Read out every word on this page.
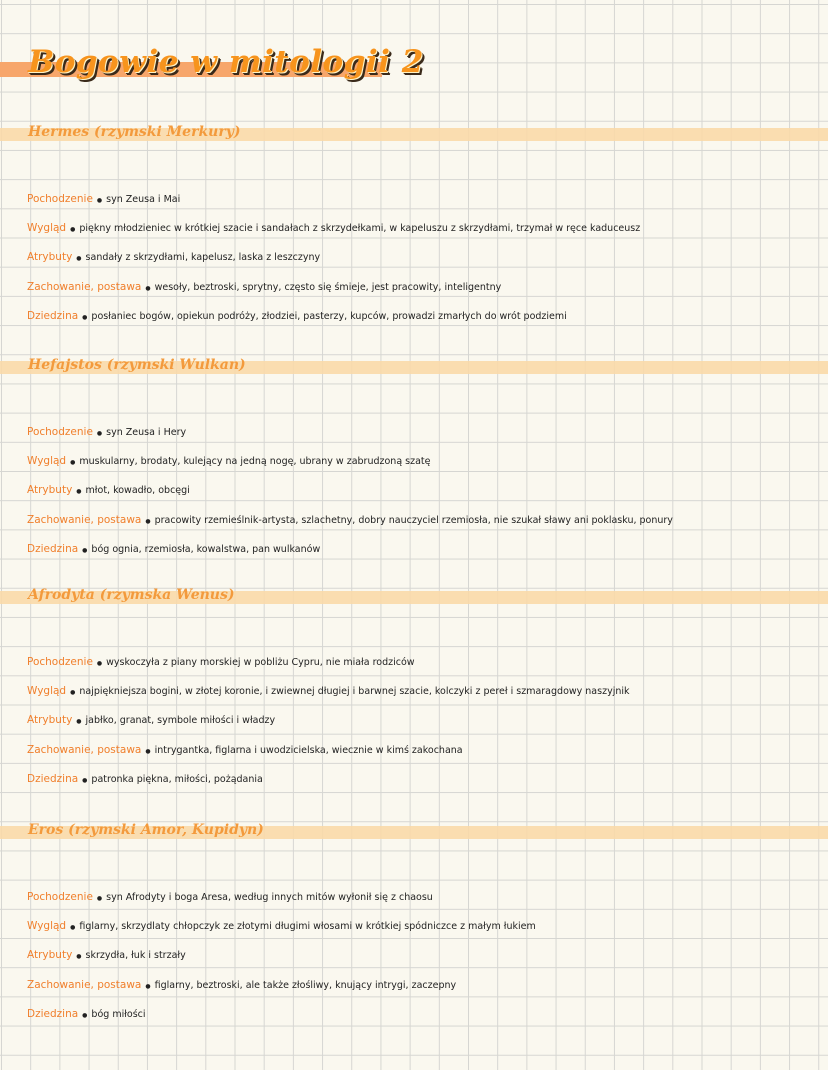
Bogowie w mitologii 2
Hermes (rzymski Merkury)
Pochodzenie ● syn Zeusa i Mai
Wygląd ● piękny młodzieniec w krótkiej szacie i sandałach z skrzydełkami, w kapeluszu z skrzydłami, trzymał w ręce kaduceusz
Atrybuty ● sandały z skrzydłami, kapelusz, laska z leszczyny
Zachowanie, postawa ● wesoły, beztroski, sprytny, często się śmieje, jest pracowity, inteligentny
Dziedzina ● posłaniec bogów, opiekun podróży, złodziei, pasterzy, kupców, prowadzi zmarłych do wrót podziemi
Hefajstos (rzymski Wulkan)
Pochodzenie ● syn Zeusa i Hery
Wygląd ● muskularny, brodaty, kulejący na jedną nogę, ubrany w zabrudzoną szatę
Atrybuty ● młot, kowadło, obcęgi
Zachowanie, postawa ● pracowity rzemieślnik-artysta, szlachetny, dobry nauczyciel rzemiosła, nie szukał sławy ani poklasku, ponury
Dziedzina ● bóg ognia, rzemiosła, kowalstwa, pan wulkanów
Afrodyta (rzymska Wenus)
Pochodzenie ● wyskoczyła z piany morskiej w pobliżu Cypru, nie miała rodziców
Wygląd ● najpiękniejsza bogini, w złotej koronie, i zwiewnej długiej i barwnej szacie, kolczyki z pereł i szmaragdowy naszyjnik
Atrybuty ● jabłko, granat, symbole miłości i władzy
Zachowanie, postawa ● intrygantka, figlarna i uwodzicielska, wiecznie w kimś zakochana
Dziedzina ● patronka piękna, miłości, pożądania
Eros (rzymski Amor, Kupidyn)
Pochodzenie ● syn Afrodyty i boga Aresa, według innych mitów wyłonił się z chaosu
Wygląd ● figlarny, skrzydlaty chłopczyk ze złotymi długimi włosami w krótkiej spódniczce z małym łukiem
Atrybuty ● skrzydła, łuk i strzały
Zachowanie, postawa ● figlarny, beztroski, ale także złośliwy, knujący intrygi, zaczepny
Dziedzina ● bóg miłości
